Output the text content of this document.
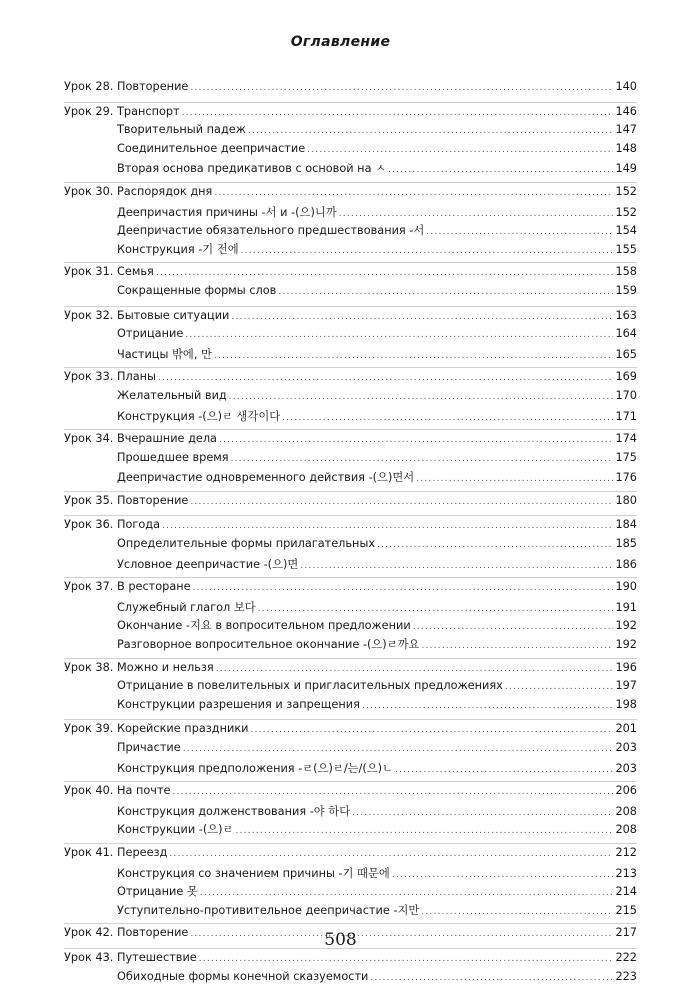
Оглавление
Урок 28. Повторение .....	140
Урок 29. Транспорт .....	146
Творительный падеж .....	147
Соединительное деепричастие .....	148
Вторая основа предикативов с основой на ㅅ .....	149
Урок 30. Распорядок дня .....	152
Деепричастия причины -서 и -(으)니까 .....	152
Деепричастие обязательного предшествования -서 .....	154
Конструкция -기 전에 .....	155
Урок 31. Семья .....	158
Сокращенные формы слов .....	159
Урок 32. Бытовые ситуации .....	163
Отрицание .....	164
Частицы 밖에, 만 .....	165
Урок 33. Планы .....	169
Желательный вид .....	170
Конструкция -(으)ㄹ 생각이다 .....	171
Урок 34. Вчерашние дела .....	174
Прошедшее время .....	175
Деепричастие одновременного действия -(으)면서 .....	176
Урок 35. Повторение .....	180
Урок 36. Погода .....	184
Определительные формы прилагательных .....	185
Условное деепричастие -(으)면 .....	186
Урок 37. В ресторане .....	190
Служебный глагол 보다 .....	191
Окончание -지요 в вопросительном предложении .....	192
Разговорное вопросительное окончание -(으)ㄹ까요 .....	192
Урок 38. Можно и нельзя .....	196
Отрицание в повелительных и пригласительных предложениях .....	197
Конструкции разрешения и запрещения .....	198
Урок 39. Корейские праздники .....	201
Причастие .....	203
Конструкция предположения -ㄹ(으)ㄹ/는/(으)ㄴ .....	203
Урок 40. На почте .....	206
Конструкция долженствования -야 하다 .....	208
Конструкции -(으)ㄹ .....	208
Урок 41. Переезд .....	212
Конструкция со значением причины -기 때문에 .....	213
Отрицание 못 .....	214
Уступительно-противительное деепричастие -지만 .....	215
Урок 42. Повторение .....	217
Урок 43. Путешествие .....	222
Обиходные формы конечной сказуемости .....	223
508
